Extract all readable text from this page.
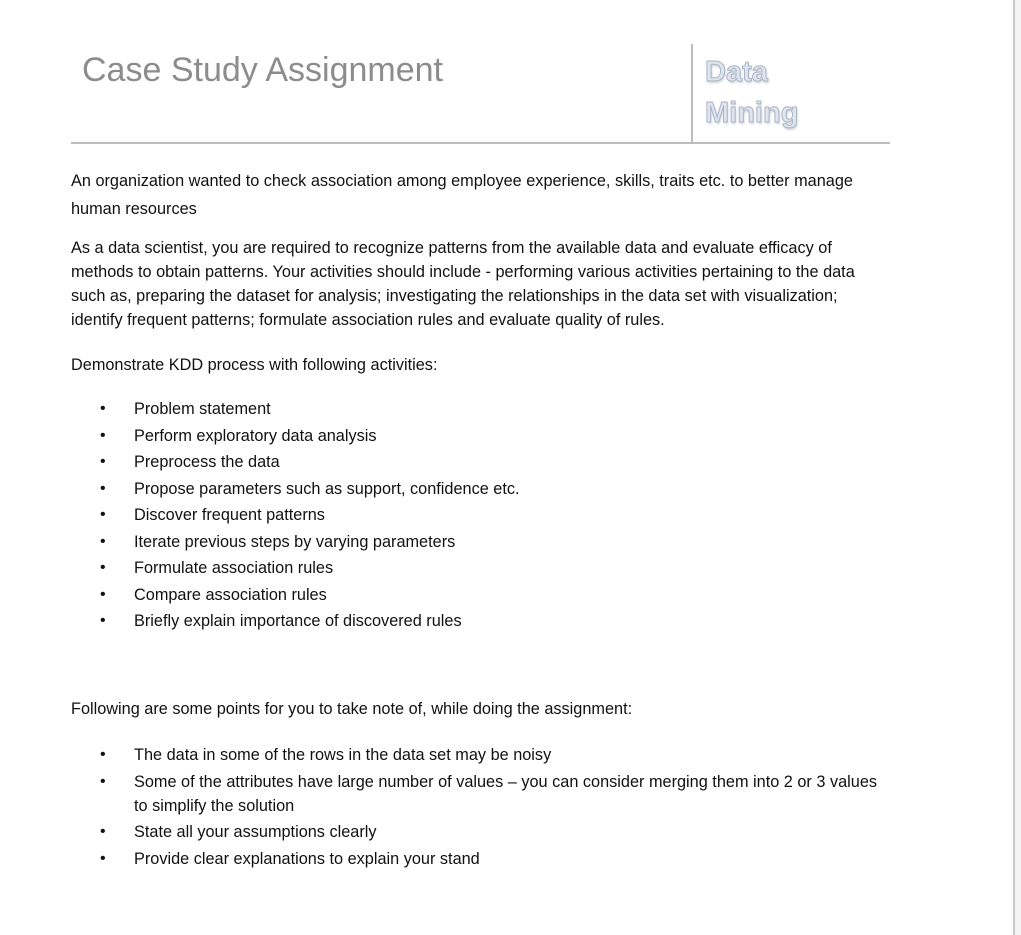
Case Study Assignment	Data
Mining

An organization wanted to check association among employee experience, skills, traits etc. to better manage human resources

As a data scientist, you are required to recognize patterns from the available data and evaluate efficacy of methods to obtain patterns. Your activities should include - performing various activities pertaining to the data such as, preparing the dataset for analysis; investigating the relationships in the data set with visualization; identify frequent patterns; formulate association rules and evaluate quality of rules.

Demonstrate KDD process with following activities:

• Problem statement
• Perform exploratory data analysis
• Preprocess the data
• Propose parameters such as support, confidence etc.
• Discover frequent patterns
• Iterate previous steps by varying parameters
• Formulate association rules
• Compare association rules
• Briefly explain importance of discovered rules

Following are some points for you to take note of, while doing the assignment:

• The data in some of the rows in the data set may be noisy
• Some of the attributes have large number of values – you can consider merging them into 2 or 3 values to simplify the solution
• State all your assumptions clearly
• Provide clear explanations to explain your stand
